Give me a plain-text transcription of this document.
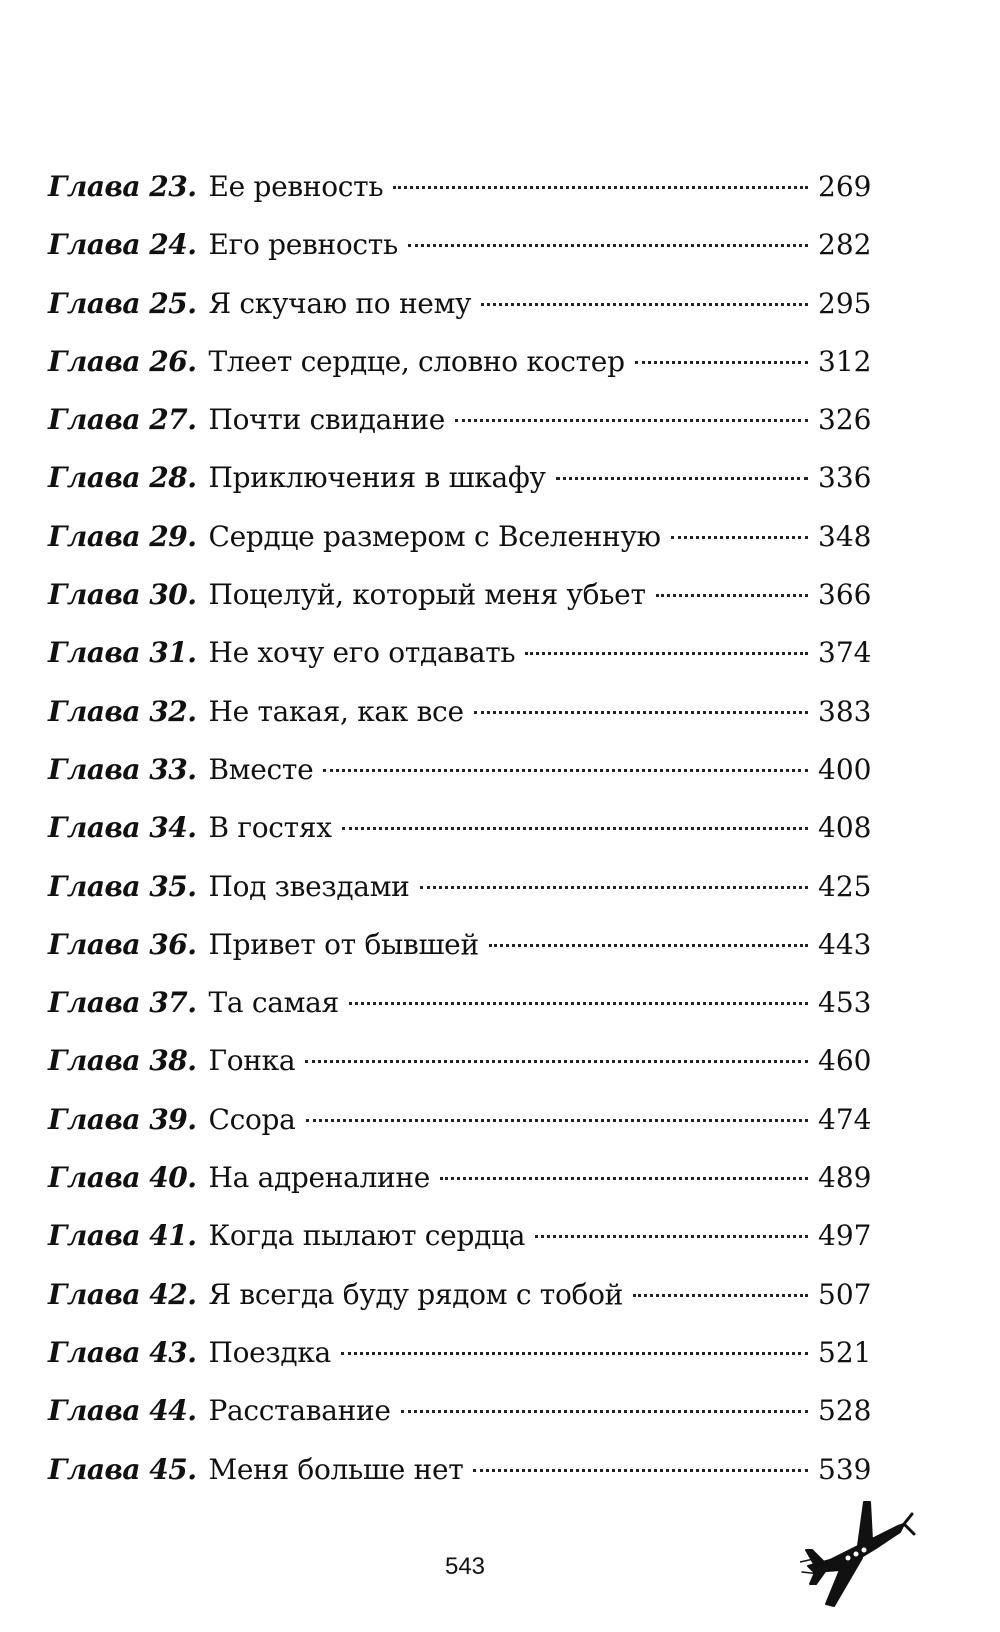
Глава 23. Ее ревность	269
Глава 24. Его ревность	282
Глава 25. Я скучаю по нему	295
Глава 26. Тлеет сердце, словно костер	312
Глава 27. Почти свидание	326
Глава 28. Приключения в шкафу	336
Глава 29. Сердце размером с Вселенную	348
Глава 30. Поцелуй, который меня убьет	366
Глава 31. Не хочу его отдавать	374
Глава 32. Не такая, как все	383
Глава 33. Вместе	400
Глава 34. В гостях	408
Глава 35. Под звездами	425
Глава 36. Привет от бывшей	443
Глава 37. Та самая	453
Глава 38. Гонка	460
Глава 39. Ссора	474
Глава 40. На адреналине	489
Глава 41. Когда пылают сердца	497
Глава 42. Я всегда буду рядом с тобой	507
Глава 43. Поездка	521
Глава 44. Расставание	528
Глава 45. Меня больше нет	539
543
